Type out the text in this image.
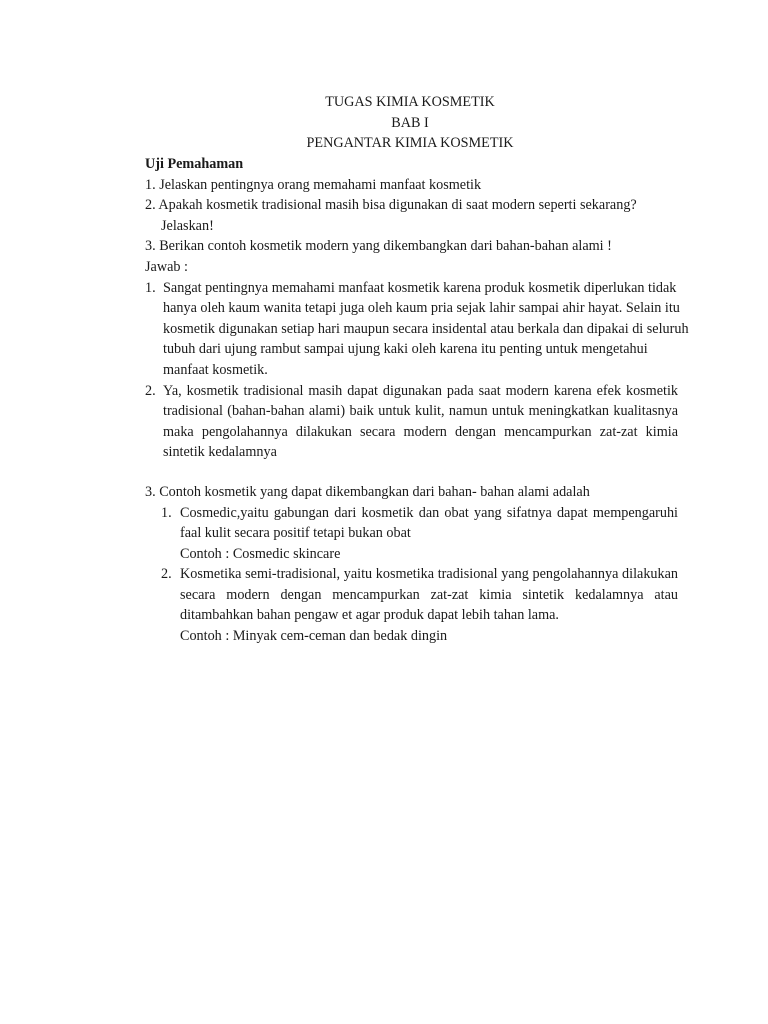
TUGAS KIMIA KOSMETIK
BAB I
PENGANTAR KIMIA KOSMETIK
Uji Pemahaman
1. Jelaskan pentingnya orang memahami manfaat kosmetik
2. Apakah kosmetik tradisional masih bisa digunakan di saat modern seperti sekarang? Jelaskan!
3. Berikan contoh kosmetik modern yang dikembangkan dari bahan-bahan alami !
Jawab :
1. Sangat pentingnya memahami manfaat kosmetik karena produk kosmetik diperlukan tidak hanya oleh kaum wanita tetapi juga oleh kaum pria sejak lahir sampai ahir hayat. Selain itu kosmetik digunakan setiap hari maupun secara insidental atau berkala dan dipakai di seluruh tubuh dari ujung rambut sampai ujung kaki oleh karena itu penting untuk mengetahui manfaat kosmetik.

2. Ya, kosmetik tradisional masih dapat digunakan pada saat modern karena efek kosmetik tradisional (bahan-bahan alami) baik untuk kulit, namun untuk meningkatkan kualitasnya maka pengolahannya dilakukan secara modern dengan mencampurkan zat-zat kimia sintetik kedalamnya

3. Contoh kosmetik yang dapat dikembangkan dari bahan- bahan alami adalah
1. Cosmedic,yaitu gabungan dari kosmetik dan obat yang sifatnya dapat mempengaruhi faal kulit secara positif tetapi bukan obat

Contoh : Cosmedic skincare
2. Kosmetika semi-tradisional, yaitu kosmetika tradisional yang pengolahannya dilakukan secara modern dengan mencampurkan zat-zat kimia sintetik kedalamnya atau ditambahkan bahan pengaw et agar produk dapat lebih tahan lama.

Contoh : Minyak cem-ceman dan bedak dingin
